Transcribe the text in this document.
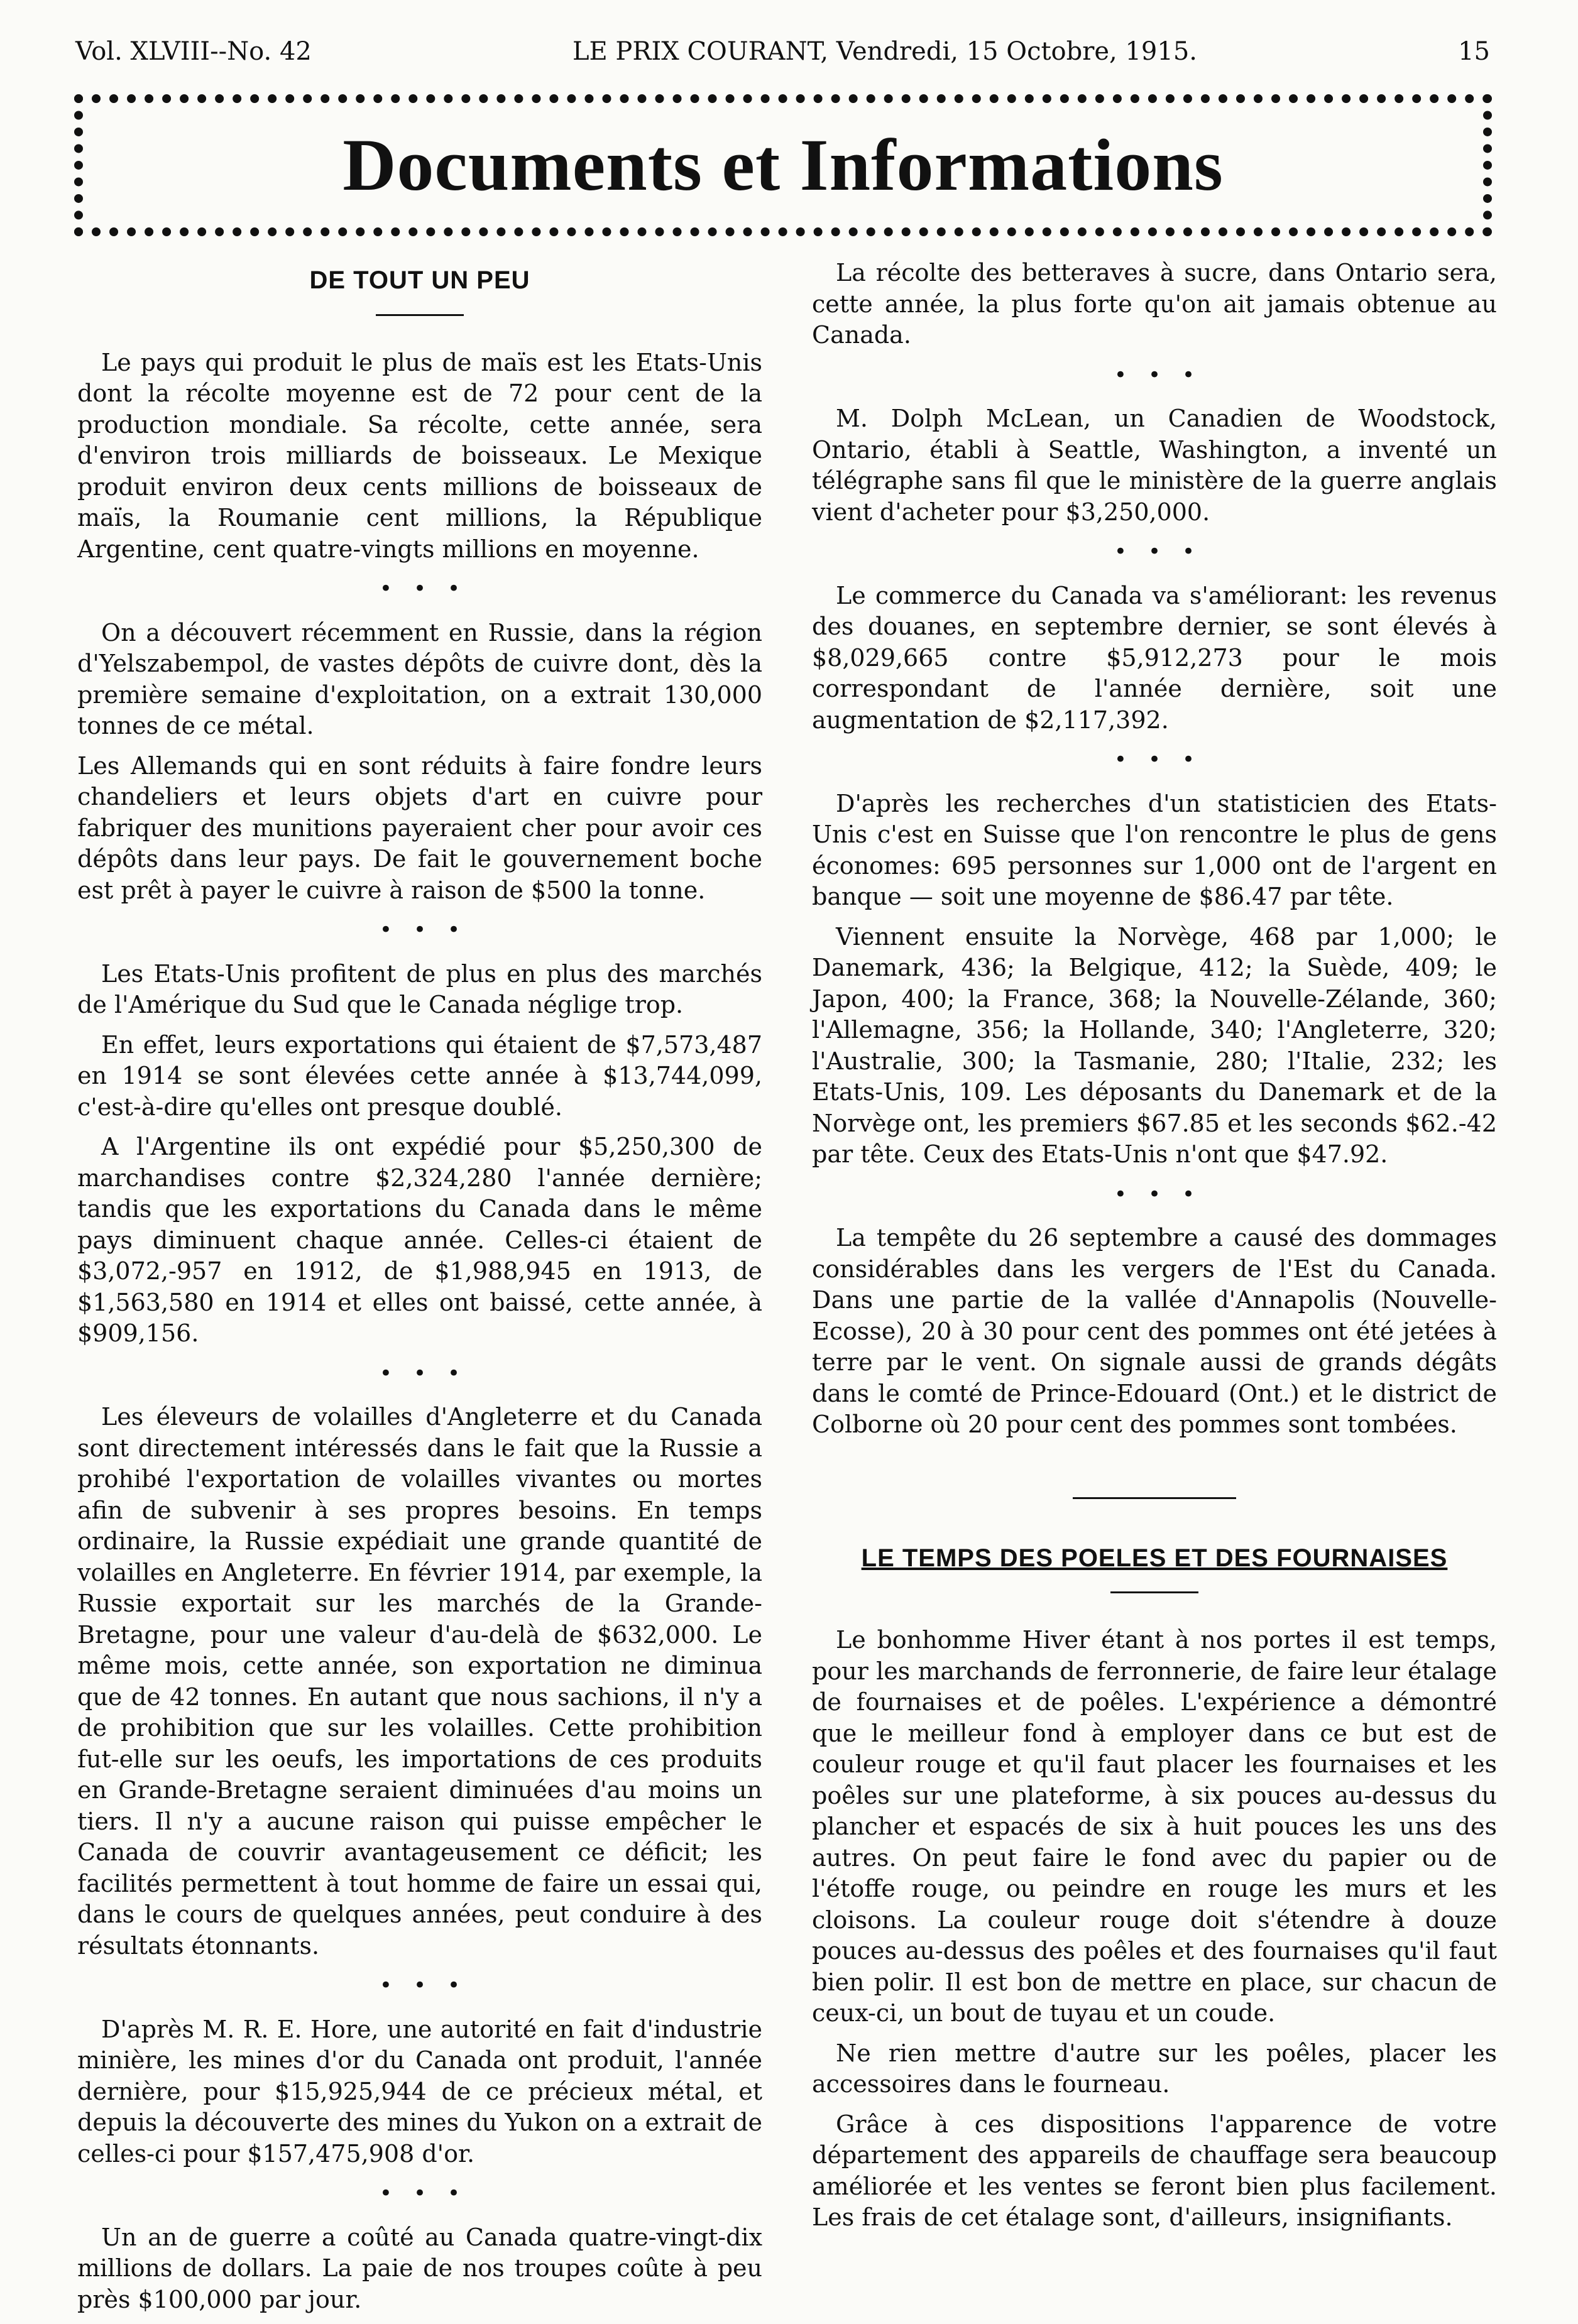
Vol. XLVIII--No. 42	LE PRIX COURANT, Vendredi, 15 Octobre, 1915.	15
Documents et Informations
DE TOUT UN PEU

Le pays qui produit le plus de maïs est les Etats-Unis dont la récolte moyenne est de 72 pour cent de la production mondiale. Sa récolte, cette année, sera d'environ trois milliards de boisseaux. Le Mexique produit environ deux cents millions de boisseaux de maïs, la Roumanie cent millions, la République Argentine, cent quatre-vingts millions en moyenne.

•••

On a découvert récemment en Russie, dans la région d'Yelszabempol, de vastes dépôts de cuivre dont, dès la première semaine d'exploitation, on a extrait 130,000 tonnes de ce métal.

Les Allemands qui en sont réduits à faire fondre leurs chandeliers et leurs objets d'art en cuivre pour fabriquer des munitions payeraient cher pour avoir ces dépôts dans leur pays. De fait le gouvernement boche est prêt à payer le cuivre à raison de $500 la tonne.

•••

Les Etats-Unis profitent de plus en plus des marchés de l'Amérique du Sud que le Canada néglige trop.

En effet, leurs exportations qui étaient de $7,573,487 en 1914 se sont élevées cette année à $13,744,099, c'est-à-dire qu'elles ont presque doublé.

A l'Argentine ils ont expédié pour $5,250,300 de marchandises contre $2,324,280 l'année dernière; tandis que les exportations du Canada dans le même pays diminuent chaque année. Celles-ci étaient de $3,072,-957 en 1912, de $1,988,945 en 1913, de $1,563,580 en 1914 et elles ont baissé, cette année, à $909,156.

•••

Les éleveurs de volailles d'Angleterre et du Canada sont directement intéressés dans le fait que la Russie a prohibé l'exportation de volailles vivantes ou mortes afin de subvenir à ses propres besoins. En temps ordinaire, la Russie expédiait une grande quantité de volailles en Angleterre. En février 1914, par exemple, la Russie exportait sur les marchés de la Grande-Bretagne, pour une valeur d'au-delà de $632,000. Le même mois, cette année, son exportation ne diminua que de 42 tonnes. En autant que nous sachions, il n'y a de prohibition que sur les volailles. Cette prohibition fut-elle sur les oeufs, les importations de ces produits en Grande-Bretagne seraient diminuées d'au moins un tiers. Il n'y a aucune raison qui puisse empêcher le Canada de couvrir avantageusement ce déficit; les facilités permettent à tout homme de faire un essai qui, dans le cours de quelques années, peut conduire à des résultats étonnants.

•••

D'après M. R. E. Hore, une autorité en fait d'industrie minière, les mines d'or du Canada ont produit, l'année dernière, pour $15,925,944 de ce précieux métal, et depuis la découverte des mines du Yukon on a extrait de celles-ci pour $157,475,908 d'or.

•••

Un an de guerre a coûté au Canada quatre-vingt-dix millions de dollars. La paie de nos troupes coûte à peu près $100,000 par jour.

La récolte des betteraves à sucre, dans Ontario sera, cette année, la plus forte qu'on ait jamais obtenue au Canada.

•••

M. Dolph McLean, un Canadien de Woodstock, Ontario, établi à Seattle, Washington, a inventé un télégraphe sans fil que le ministère de la guerre anglais vient d'acheter pour $3,250,000.

•••

Le commerce du Canada va s'améliorant: les revenus des douanes, en septembre dernier, se sont élevés à $8,029,665 contre $5,912,273 pour le mois correspondant de l'année dernière, soit une augmentation de $2,117,392.

•••

D'après les recherches d'un statisticien des Etats-Unis c'est en Suisse que l'on rencontre le plus de gens économes: 695 personnes sur 1,000 ont de l'argent en banque — soit une moyenne de $86.47 par tête.

Viennent ensuite la Norvège, 468 par 1,000; le Danemark, 436; la Belgique, 412; la Suède, 409; le Japon, 400; la France, 368; la Nouvelle-Zélande, 360; l'Allemagne, 356; la Hollande, 340; l'Angleterre, 320; l'Australie, 300; la Tasmanie, 280; l'Italie, 232; les Etats-Unis, 109. Les déposants du Danemark et de la Norvège ont, les premiers $67.85 et les seconds $62.-42 par tête. Ceux des Etats-Unis n'ont que $47.92.

•••

La tempête du 26 septembre a causé des dommages considérables dans les vergers de l'Est du Canada. Dans une partie de la vallée d'Annapolis (Nouvelle-Ecosse), 20 à 30 pour cent des pommes ont été jetées à terre par le vent. On signale aussi de grands dégâts dans le comté de Prince-Edouard (Ont.) et le district de Colborne où 20 pour cent des pommes sont tombées.

LE TEMPS DES POELES ET DES FOURNAISES

Le bonhomme Hiver étant à nos portes il est temps, pour les marchands de ferronnerie, de faire leur étalage de fournaises et de poêles. L'expérience a démontré que le meilleur fond à employer dans ce but est de couleur rouge et qu'il faut placer les fournaises et les poêles sur une plateforme, à six pouces au-dessus du plancher et espacés de six à huit pouces les uns des autres. On peut faire le fond avec du papier ou de l'étoffe rouge, ou peindre en rouge les murs et les cloisons. La couleur rouge doit s'étendre à douze pouces au-dessus des poêles et des fournaises qu'il faut bien polir. Il est bon de mettre en place, sur chacun de ceux-ci, un bout de tuyau et un coude.

Ne rien mettre d'autre sur les poêles, placer les accessoires dans le fourneau.

Grâce à ces dispositions l'apparence de votre département des appareils de chauffage sera beaucoup améliorée et les ventes se feront bien plus facilement. Les frais de cet étalage sont, d'ailleurs, insignifiants.
